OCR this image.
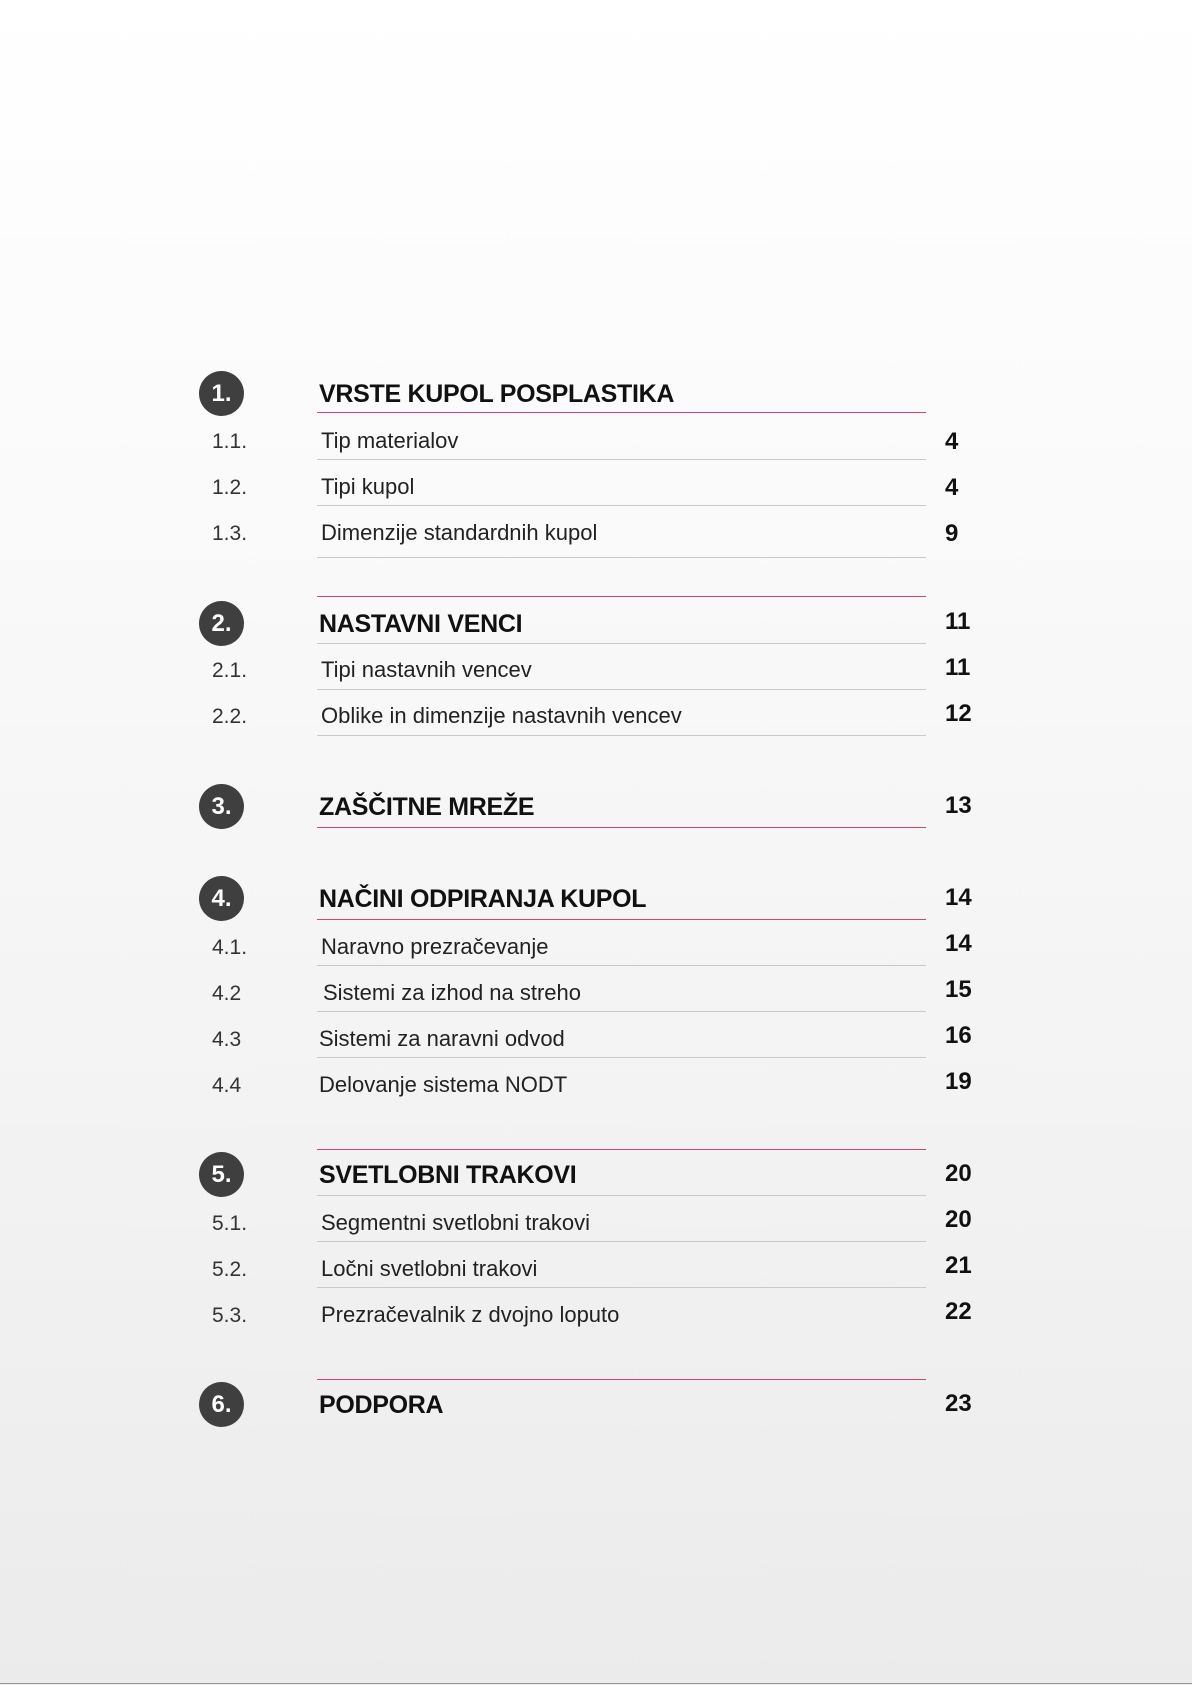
1.	VRSTE KUPOL POSPLASTIKA
1.1.	Tip materialov	4
1.2.	Tipi kupol	4
1.3.	Dimenzije standardnih kupol	9
2.	NASTAVNI VENCI	11
2.1.	Tipi nastavnih vencev	11
2.2.	Oblike in dimenzije nastavnih vencev	12
3.	ZAŠČITNE MREŽE	13
4.	NAČINI ODPIRANJA KUPOL	14
4.1.	Naravno prezračevanje	14
4.2	Sistemi za izhod na streho	15
4.3	Sistemi za naravni odvod	16
4.4	Delovanje sistema NODT	19
5.	SVETLOBNI TRAKOVI	20
5.1.	Segmentni svetlobni trakovi	20
5.2.	Ločni svetlobni trakovi	21
5.3.	Prezračevalnik z dvojno loputo	22
6.	PODPORA	23
